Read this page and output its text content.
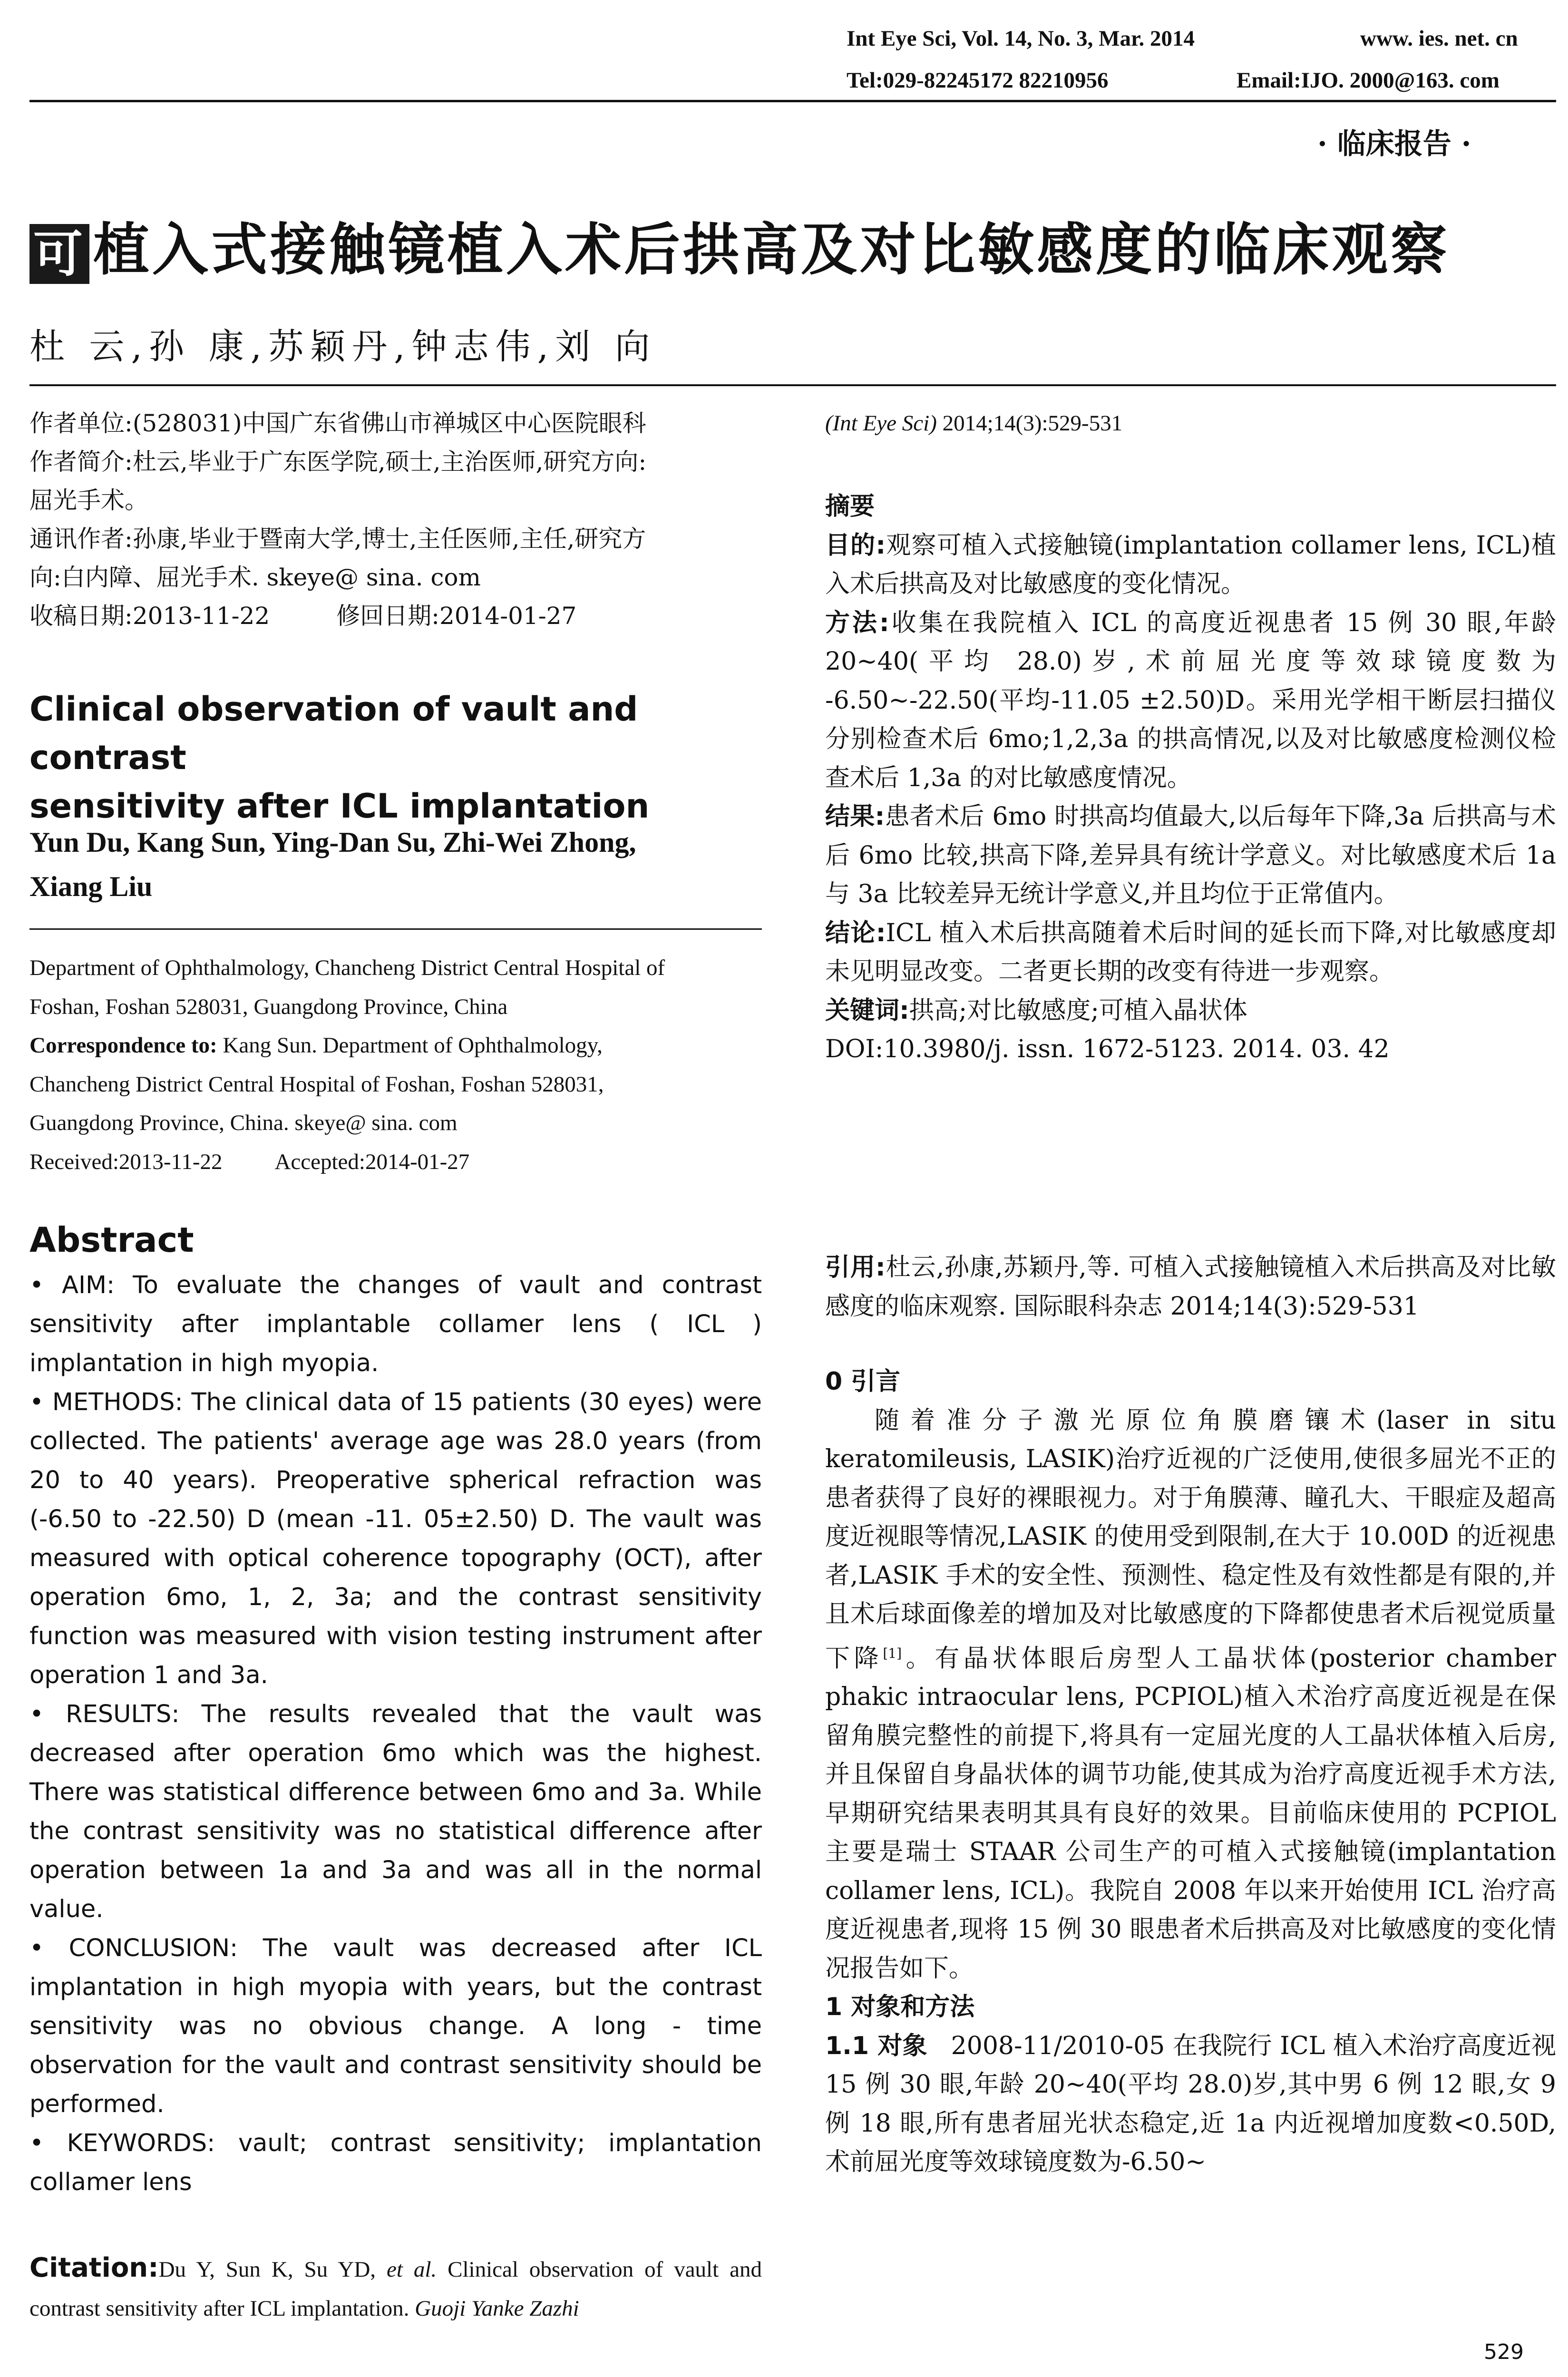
Int Eye Sci, Vol. 14, No. 3, Mar. 2014	www. ies. net. cn
Tel:029-82245172 82210956	Email:IJO. 2000@163. com
· 临床报告 ·
可 植入式接触镜植入术后拱高及对比敏感度的临床观察
杜 云,孙 康,苏颖丹,钟志伟,刘 向

作者单位:(528031)中国广东省佛山市禅城区中心医院眼科

作者简介:杜云,毕业于广东医学院,硕士,主治医师,研究方向:

屈光手术。

通讯作者:孙康,毕业于暨南大学,博士,主任医师,主任,研究方

向:白内障、屈光手术. skeye@ sina. com

收稿日期:2013-11-22	修回日期:2014-01-27

Clinical observation of vault and contrast
sensitivity after ICL implantation
Yun Du, Kang Sun, Ying-Dan Su, Zhi-Wei Zhong,
Xiang Liu

Department of Ophthalmology, Chancheng District Central Hospital of

Foshan, Foshan 528031, Guangdong Province, China

Correspondence to: Kang Sun. Department of Ophthalmology,

Chancheng District Central Hospital of Foshan, Foshan 528031,

Guangdong Province, China. skeye@ sina. com

Received:2013-11-22 Accepted:2014-01-27

Abstract

• AIM: To evaluate the changes of vault and contrast sensitivity after implantable collamer lens ( ICL ) implantation in high myopia.

• METHODS: The clinical data of 15 patients (30 eyes) were collected. The patients' average age was 28.0 years (from 20 to 40 years). Preoperative spherical refraction was (-6.50 to -22.50) D (mean -11. 05±2.50) D. The vault was measured with optical coherence topography (OCT), after operation 6mo, 1, 2, 3a; and the contrast sensitivity function was measured with vision testing instrument after operation 1 and 3a.

• RESULTS: The results revealed that the vault was decreased after operation 6mo which was the highest. There was statistical difference between 6mo and 3a. While the contrast sensitivity was no statistical difference after operation between 1a and 3a and was all in the normal value.

• CONCLUSION: The vault was decreased after ICL implantation in high myopia with years, but the contrast sensitivity was no obvious change. A long - time observation for the vault and contrast sensitivity should be performed.

• KEYWORDS: vault; contrast sensitivity; implantation collamer lens

Citation:Du Y, Sun K, Su YD, et al. Clinical observation of vault and contrast sensitivity after ICL implantation. Guoji Yanke Zazhi
(Int Eye Sci) 2014;14(3):529-531

摘要

目的:观察可植入式接触镜(implantation collamer lens, ICL)植入术后拱高及对比敏感度的变化情况。

方法:收集在我院植入 ICL 的高度近视患者 15 例 30 眼,年龄 20~40(平均 28.0)岁,术前屈光度等效球镜度数为 -6.50~-22.50(平均-11.05 ±2.50)D。采用光学相干断层扫描仪分别检查术后 6mo;1,2,3a 的拱高情况,以及对比敏感度检测仪检查术后 1,3a 的对比敏感度情况。

结果:患者术后 6mo 时拱高均值最大,以后每年下降,3a 后拱高与术后 6mo 比较,拱高下降,差异具有统计学意义。对比敏感度术后 1a 与 3a 比较差异无统计学意义,并且均位于正常值内。

结论:ICL 植入术后拱高随着术后时间的延长而下降,对比敏感度却未见明显改变。二者更长期的改变有待进一步观察。

关键词:拱高;对比敏感度;可植入晶状体

DOI:10.3980/j. issn. 1672-5123. 2014. 03. 42

引用:杜云,孙康,苏颖丹,等. 可植入式接触镜植入术后拱高及对比敏感度的临床观察. 国际眼科杂志 2014;14(3):529-531

0 引言

随着准分子激光原位角膜磨镶术(laser in situ keratomileusis, LASIK)治疗近视的广泛使用,使很多屈光不正的患者获得了良好的裸眼视力。对于角膜薄、瞳孔大、干眼症及超高度近视眼等情况,LASIK 的使用受到限制,在大于 10.00D 的近视患者,LASIK 手术的安全性、预测性、稳定性及有效性都是有限的,并且术后球面像差的增加及对比敏感度的下降都使患者术后视觉质量下降[1]。有晶状体眼后房型人工晶状体(posterior chamber phakic intraocular lens, PCPIOL)植入术治疗高度近视是在保留角膜完整性的前提下,将具有一定屈光度的人工晶状体植入后房,并且保留自身晶状体的调节功能,使其成为治疗高度近视手术方法,早期研究结果表明其具有良好的效果。目前临床使用的 PCPIOL 主要是瑞士 STAAR 公司生产的可植入式接触镜(implantation collamer lens, ICL)。我院自 2008 年以来开始使用 ICL 治疗高度近视患者,现将 15 例 30 眼患者术后拱高及对比敏感度的变化情况报告如下。

1 对象和方法

1.1 对象 2008-11/2010-05 在我院行 ICL 植入术治疗高度近视 15 例 30 眼,年龄 20~40(平均 28.0)岁,其中男 6 例 12 眼,女 9 例 18 眼,所有患者屈光状态稳定,近 1a 内近视增加度数<0.50D,术前屈光度等效球镜度数为-6.50~

529
